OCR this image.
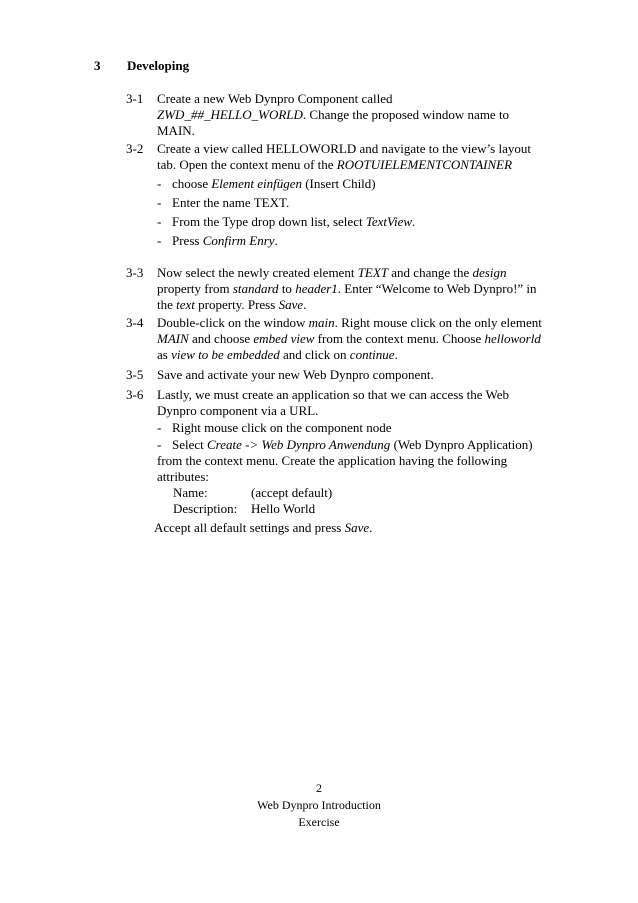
3	Developing
3-1	Create a new Web Dynpro Component called
ZWD_##_HELLO_WORLD. Change the proposed window name to
MAIN.
3-2	Create a view called HELLOWORLD and navigate to the view’s layout
tab. Open the context menu of the ROOTUIELEMENTCONTAINER
- choose Element einfügen (Insert Child)
- Enter the name TEXT.
- From the Type drop down list, select TextView.
- Press Confirm Enry.
3-3	Now select the newly created element TEXT and change the design
property from standard to header1. Enter “Welcome to Web Dynpro!” in
the text property. Press Save.
3-4	Double-click on the window main. Right mouse click on the only element
MAIN and choose embed view from the context menu. Choose helloworld
as view to be embedded and click on continue.
3-5	Save and activate your new Web Dynpro component.
3-6	Lastly, we must create an application so that we can access the Web
Dynpro component via a URL.
- Right mouse click on the component node
- Select Create -> Web Dynpro Anwendung (Web Dynpro Application)
from the context menu. Create the application having the following
attributes:
Name:	(accept default)
Description: Hello World
Accept all default settings and press Save.
2
Web Dynpro Introduction
Exercise
